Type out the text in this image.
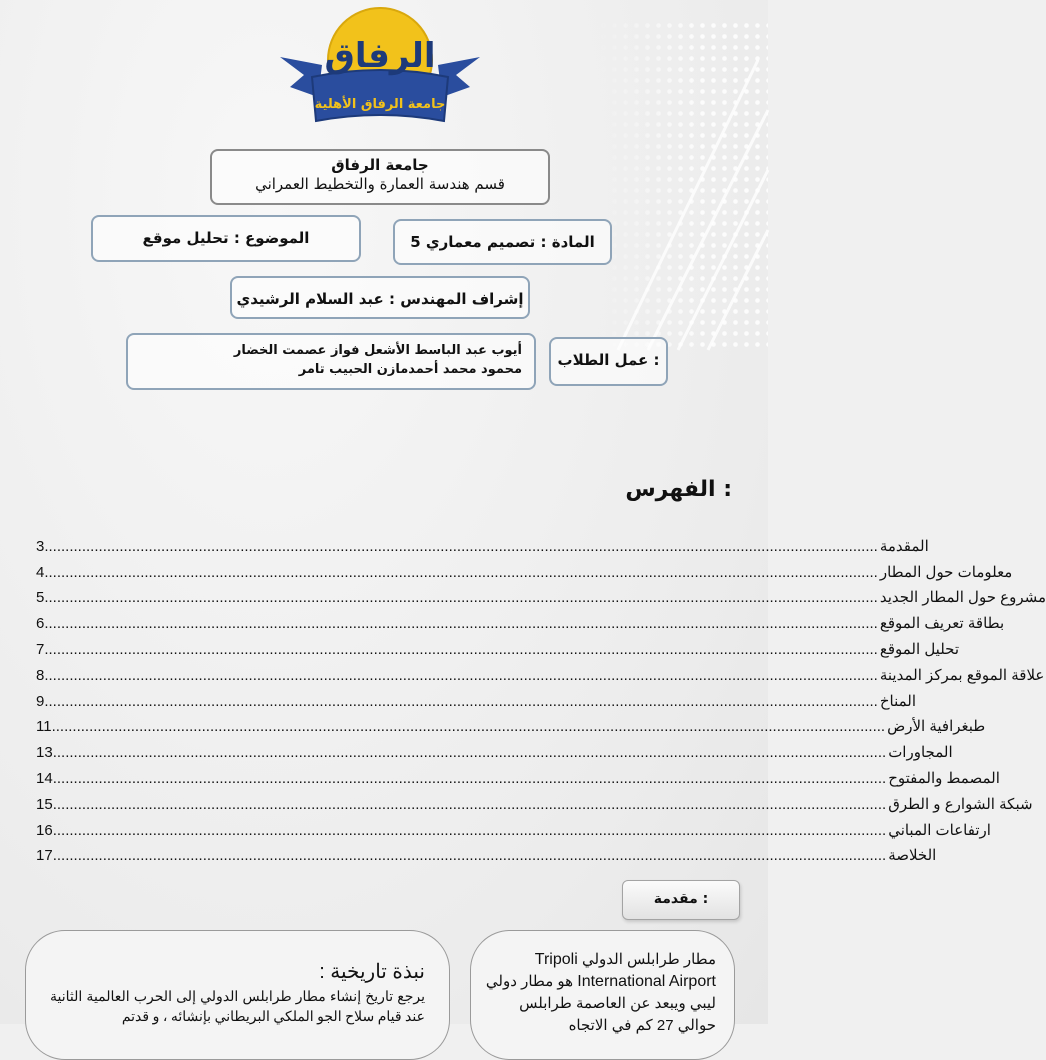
الرفاق
جامعة الرفاق الأهلية
جامعة الرفاق
قسم هندسة العمارة والتخطيط العمراني
الموضوع : تحليل موقع	المادة : تصميم معماري 5
إشراف المهندس : عبد السلام الرشيدي
أيوب عبد الباسط الأشعل فواز عصمت الخضار
محمود محمد أحمدمازن الحبيب تامر
: عمل الطلاب
: الفهرس
3 ........................................................................................................................................................................................................ المقدمة
4 ........................................................................................................................................................................................................ معلومات حول المطار
5 ........................................................................................................................................................................................................ مشروع حول المطار الجديد
6 ........................................................................................................................................................................................................ بطاقة تعريف الموقع
7 ........................................................................................................................................................................................................ تحليل الموقع
8 ........................................................................................................................................................................................................ علاقة الموقع بمركز المدينة
9 ........................................................................................................................................................................................................ المناخ
11 ........................................................................................................................................................................................................ طبغرافية الأرض
13 ........................................................................................................................................................................................................ المجاورات
14 ........................................................................................................................................................................................................ المصمط والمفتوح
15 ........................................................................................................................................................................................................ شبكة الشوارع و الطرق
16 ........................................................................................................................................................................................................ ارتفاعات المباني
17 ........................................................................................................................................................................................................ الخلاصة
: مقدمة
نبذة تاريخية :
يرجع تاريخ إنشاء مطار طرابلس الدولي إلى الحرب العالمية الثانية عند قيام سلاح الجو الملكي البريطاني بإنشائه ، و قدتم
مطار طرابلس الدولي Tripoli International Airport هو مطار دولي ليبي ويبعد عن العاصمة طرابلس حوالي 27 كم في الاتجاه
